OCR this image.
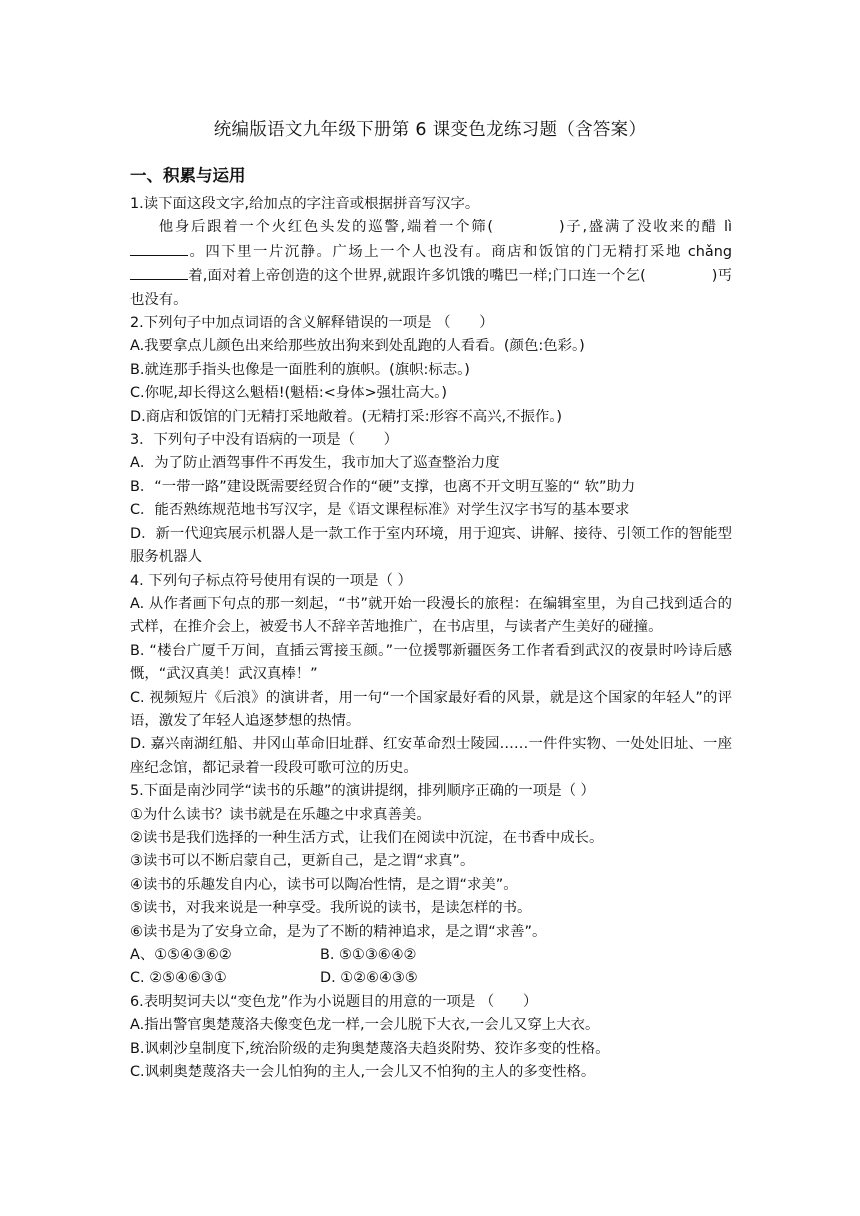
统编版语文九年级下册第 6 课变色龙练习题（含答案）
一、积累与运用

1.读下面这段文字,给加点的字注音或根据拼音写汉字。

他身后跟着一个火红色头发的巡警,端着一个筛(	)子,盛满了没收来的醋 lì。四下里一片沉静。广场上一个人也没有。商店和饭馆的门无精打采地 chǎng着,面对着上帝创造的这个世界,就跟许多饥饿的嘴巴一样;门口连一个乞(	)丐也没有。

2.下列句子中加点词语的含义解释错误的一项是 （　　）

A.我要拿点儿颜色出来给那些放出狗来到处乱跑的人看看。(颜色:色彩。)

B.就连那手指头也像是一面胜利的旗帜。(旗帜:标志。)

C.你呢,却长得这么魁梧!(魁梧:<身体>强壮高大。)

D.商店和饭馆的门无精打采地敞着。(无精打采:形容不高兴,不振作。)

3．下列句子中没有语病的一项是（　　）

A．为了防止酒驾事件不再发生，我市加大了巡查整治力度

B．“一带一路”建设既需要经贸合作的“硬”支撑，也离不开文明互鉴的“ 软”助力

C．能否熟练规范地书写汉字，是《语文课程标准》对学生汉字书写的基本要求

D．新一代迎宾展示机器人是一款工作于室内环境，用于迎宾、讲解、接待、引领工作的智能型服务机器人

4. 下列句子标点符号使用有误的一项是（ ）

A. 从作者画下句点的那一刻起，“书”就开始一段漫长的旅程：在编辑室里，为自己找到适合的式样，在推介会上，被爱书人不辞辛苦地推广，在书店里，与读者产生美好的碰撞。

B. “楼台广厦千万间，直插云霄接玉颜。”一位援鄂新疆医务工作者看到武汉的夜景时吟诗后感慨，“武汉真美！武汉真棒！”

C. 视频短片《后浪》的演讲者，用一句“一个国家最好看的风景，就是这个国家的年轻人”的评语，激发了年轻人追逐梦想的热情。

D. 嘉兴南湖红船、井冈山革命旧址群、红安革命烈士陵园……一件件实物、一处处旧址、一座座纪念馆，都记录着一段段可歌可泣的历史。

5.下面是南沙同学“读书的乐趣”的演讲提纲，排列顺序正确的一项是（ ）

①为什么读书？读书就是在乐趣之中求真善美。

②读书是我们选择的一种生活方式，让我们在阅读中沉淀，在书香中成长。

③读书可以不断启蒙自己，更新自己，是之谓“求真”。

④读书的乐趣发自内心，读书可以陶冶性情，是之谓“求美”。

⑤读书，对我来说是一种享受。我所说的读书，是读怎样的书。

⑥读书是为了安身立命，是为了不断的精神追求，是之谓“求善”。

A、①⑤④③⑥②	B. ⑤①③⑥④②
C. ②⑤④⑥③①	D. ①②⑥④③⑤

6.表明契诃夫以“变色龙”作为小说题目的用意的一项是 （　　）

A.指出警官奥楚蔑洛夫像变色龙一样,一会儿脱下大衣,一会儿又穿上大衣。

B.讽刺沙皇制度下,统治阶级的走狗奥楚蔑洛夫趋炎附势、狡诈多变的性格。

C.讽刺奥楚蔑洛夫一会儿怕狗的主人,一会儿又不怕狗的主人的多变性格。
